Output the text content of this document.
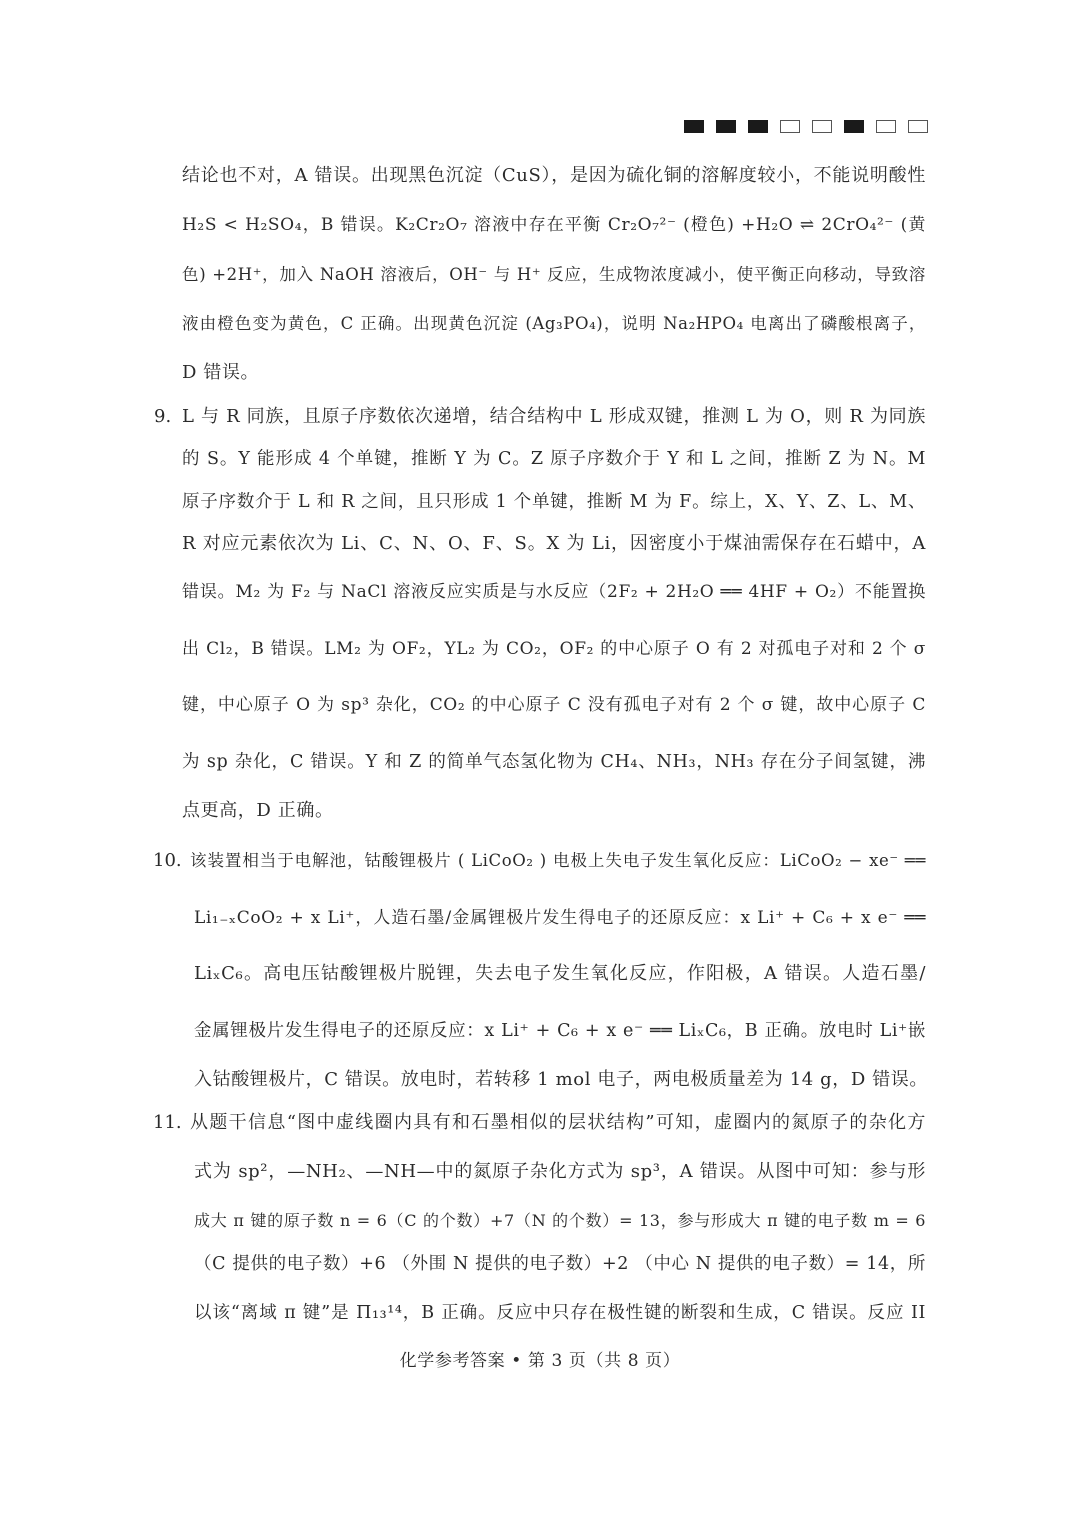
结论也不对，A 错误。出现黑色沉淀（CuS），是因为硫化铜的溶解度较小，不能说明酸性
H₂S < H₂SO₄，B 错误。K₂Cr₂O₇ 溶液中存在平衡 Cr₂O₇²⁻ (橙色) +H₂O ⇌ 2CrO₄²⁻ (黄
色) +2H⁺，加入 NaOH 溶液后，OH⁻ 与 H⁺ 反应，生成物浓度减小，使平衡正向移动，导致溶
液由橙色变为黄色，C 正确。出现黄色沉淀 (Ag₃PO₄)，说明 Na₂HPO₄ 电离出了磷酸根离子，
D 错误。
9. L 与 R 同族，且原子序数依次递增，结合结构中 L 形成双键，推测 L 为 O，则 R 为同族
的 S。Y 能形成 4 个单键，推断 Y 为 C。Z 原子序数介于 Y 和 L 之间，推断 Z 为 N。M
原子序数介于 L 和 R 之间，且只形成 1 个单键，推断 M 为 F。综上，X、Y、Z、L、M、
R 对应元素依次为 Li、C、N、O、F、S。X 为 Li，因密度小于煤油需保存在石蜡中，A
错误。M₂ 为 F₂ 与 NaCl 溶液反应实质是与水反应（2F₂ + 2H₂O ══ 4HF + O₂）不能置换
出 Cl₂，B 错误。LM₂ 为 OF₂，YL₂ 为 CO₂，OF₂ 的中心原子 O 有 2 对孤电子对和 2 个 σ
键，中心原子 O 为 sp³ 杂化，CO₂ 的中心原子 C 没有孤电子对有 2 个 σ 键，故中心原子 C
为 sp 杂化，C 错误。Y 和 Z 的简单气态氢化物为 CH₄、NH₃，NH₃ 存在分子间氢键，沸
点更高，D 正确。
10. 该装置相当于电解池，钴酸锂极片 ( LiCoO₂ ) 电极上失电子发生氧化反应：LiCoO₂ − xe⁻ ══
Li₁₋ₓCoO₂ + x Li⁺，人造石墨/金属锂极片发生得电子的还原反应：x Li⁺ + C₆ + x e⁻ ══
LiₓC₆。高电压钴酸锂极片脱锂，失去电子发生氧化反应，作阳极，A 错误。人造石墨/
金属锂极片发生得电子的还原反应：x Li⁺ + C₆ + x e⁻ ══ LiₓC₆，B 正确。放电时 Li⁺嵌
入钴酸锂极片，C 错误。放电时，若转移 1 mol 电子，两电极质量差为 14 g，D 错误。
11. 从题干信息“图中虚线圈内具有和石墨相似的层状结构”可知，虚圈内的氮原子的杂化方
式为 sp²，—NH₂、—NH—中的氮原子杂化方式为 sp³，A 错误。从图中可知：参与形
成大 π 键的原子数 n = 6（C 的个数）+7（N 的个数）= 13，参与形成大 π 键的电子数 m = 6
（C 提供的电子数）+6 （外围 N 提供的电子数）+2 （中心 N 提供的电子数）= 14，所
以该“离域 π 键”是 Π₁₃¹⁴，B 正确。反应中只存在极性键的断裂和生成，C 错误。反应 II
化学参考答案 • 第 3 页（共 8 页）
